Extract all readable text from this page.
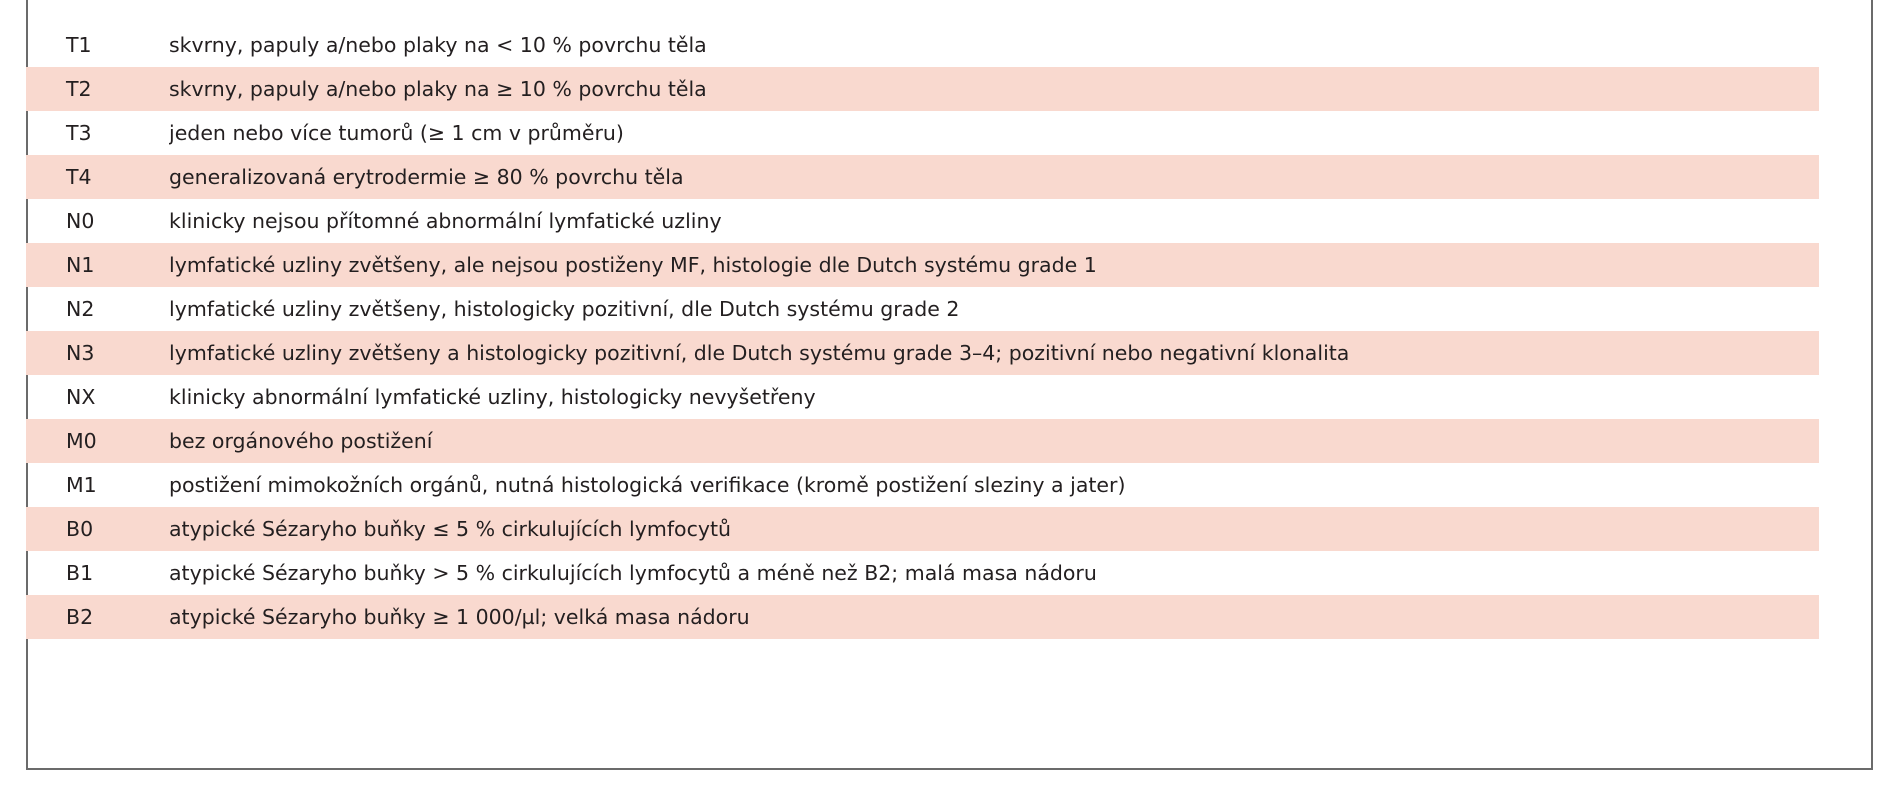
T1	skvrny, papuly a/nebo plaky na < 10 % povrchu těla
T2	skvrny, papuly a/nebo plaky na ≥ 10 % povrchu těla
T3	jeden nebo více tumorů (≥ 1 cm v průměru)
T4	generalizovaná erytrodermie ≥ 80 % povrchu těla
N0	klinicky nejsou přítomné abnormální lymfatické uzliny
N1	lymfatické uzliny zvětšeny, ale nejsou postiženy MF, histologie dle Dutch systému grade 1
N2	lymfatické uzliny zvětšeny, histologicky pozitivní, dle Dutch systému grade 2
N3	lymfatické uzliny zvětšeny a histologicky pozitivní, dle Dutch systému grade 3–4; pozitivní nebo negativní klonalita
NX	klinicky abnormální lymfatické uzliny, histologicky nevyšetřeny
M0	bez orgánového postižení
M1	postižení mimokožních orgánů, nutná histologická verifikace (kromě postižení sleziny a jater)
B0	atypické Sézaryho buňky ≤ 5 % cirkulujících lymfocytů
B1	atypické Sézaryho buňky > 5 % cirkulujících lymfocytů a méně než B2; malá masa nádoru
B2	atypické Sézaryho buňky ≥ 1 000/µl; velká masa nádoru
